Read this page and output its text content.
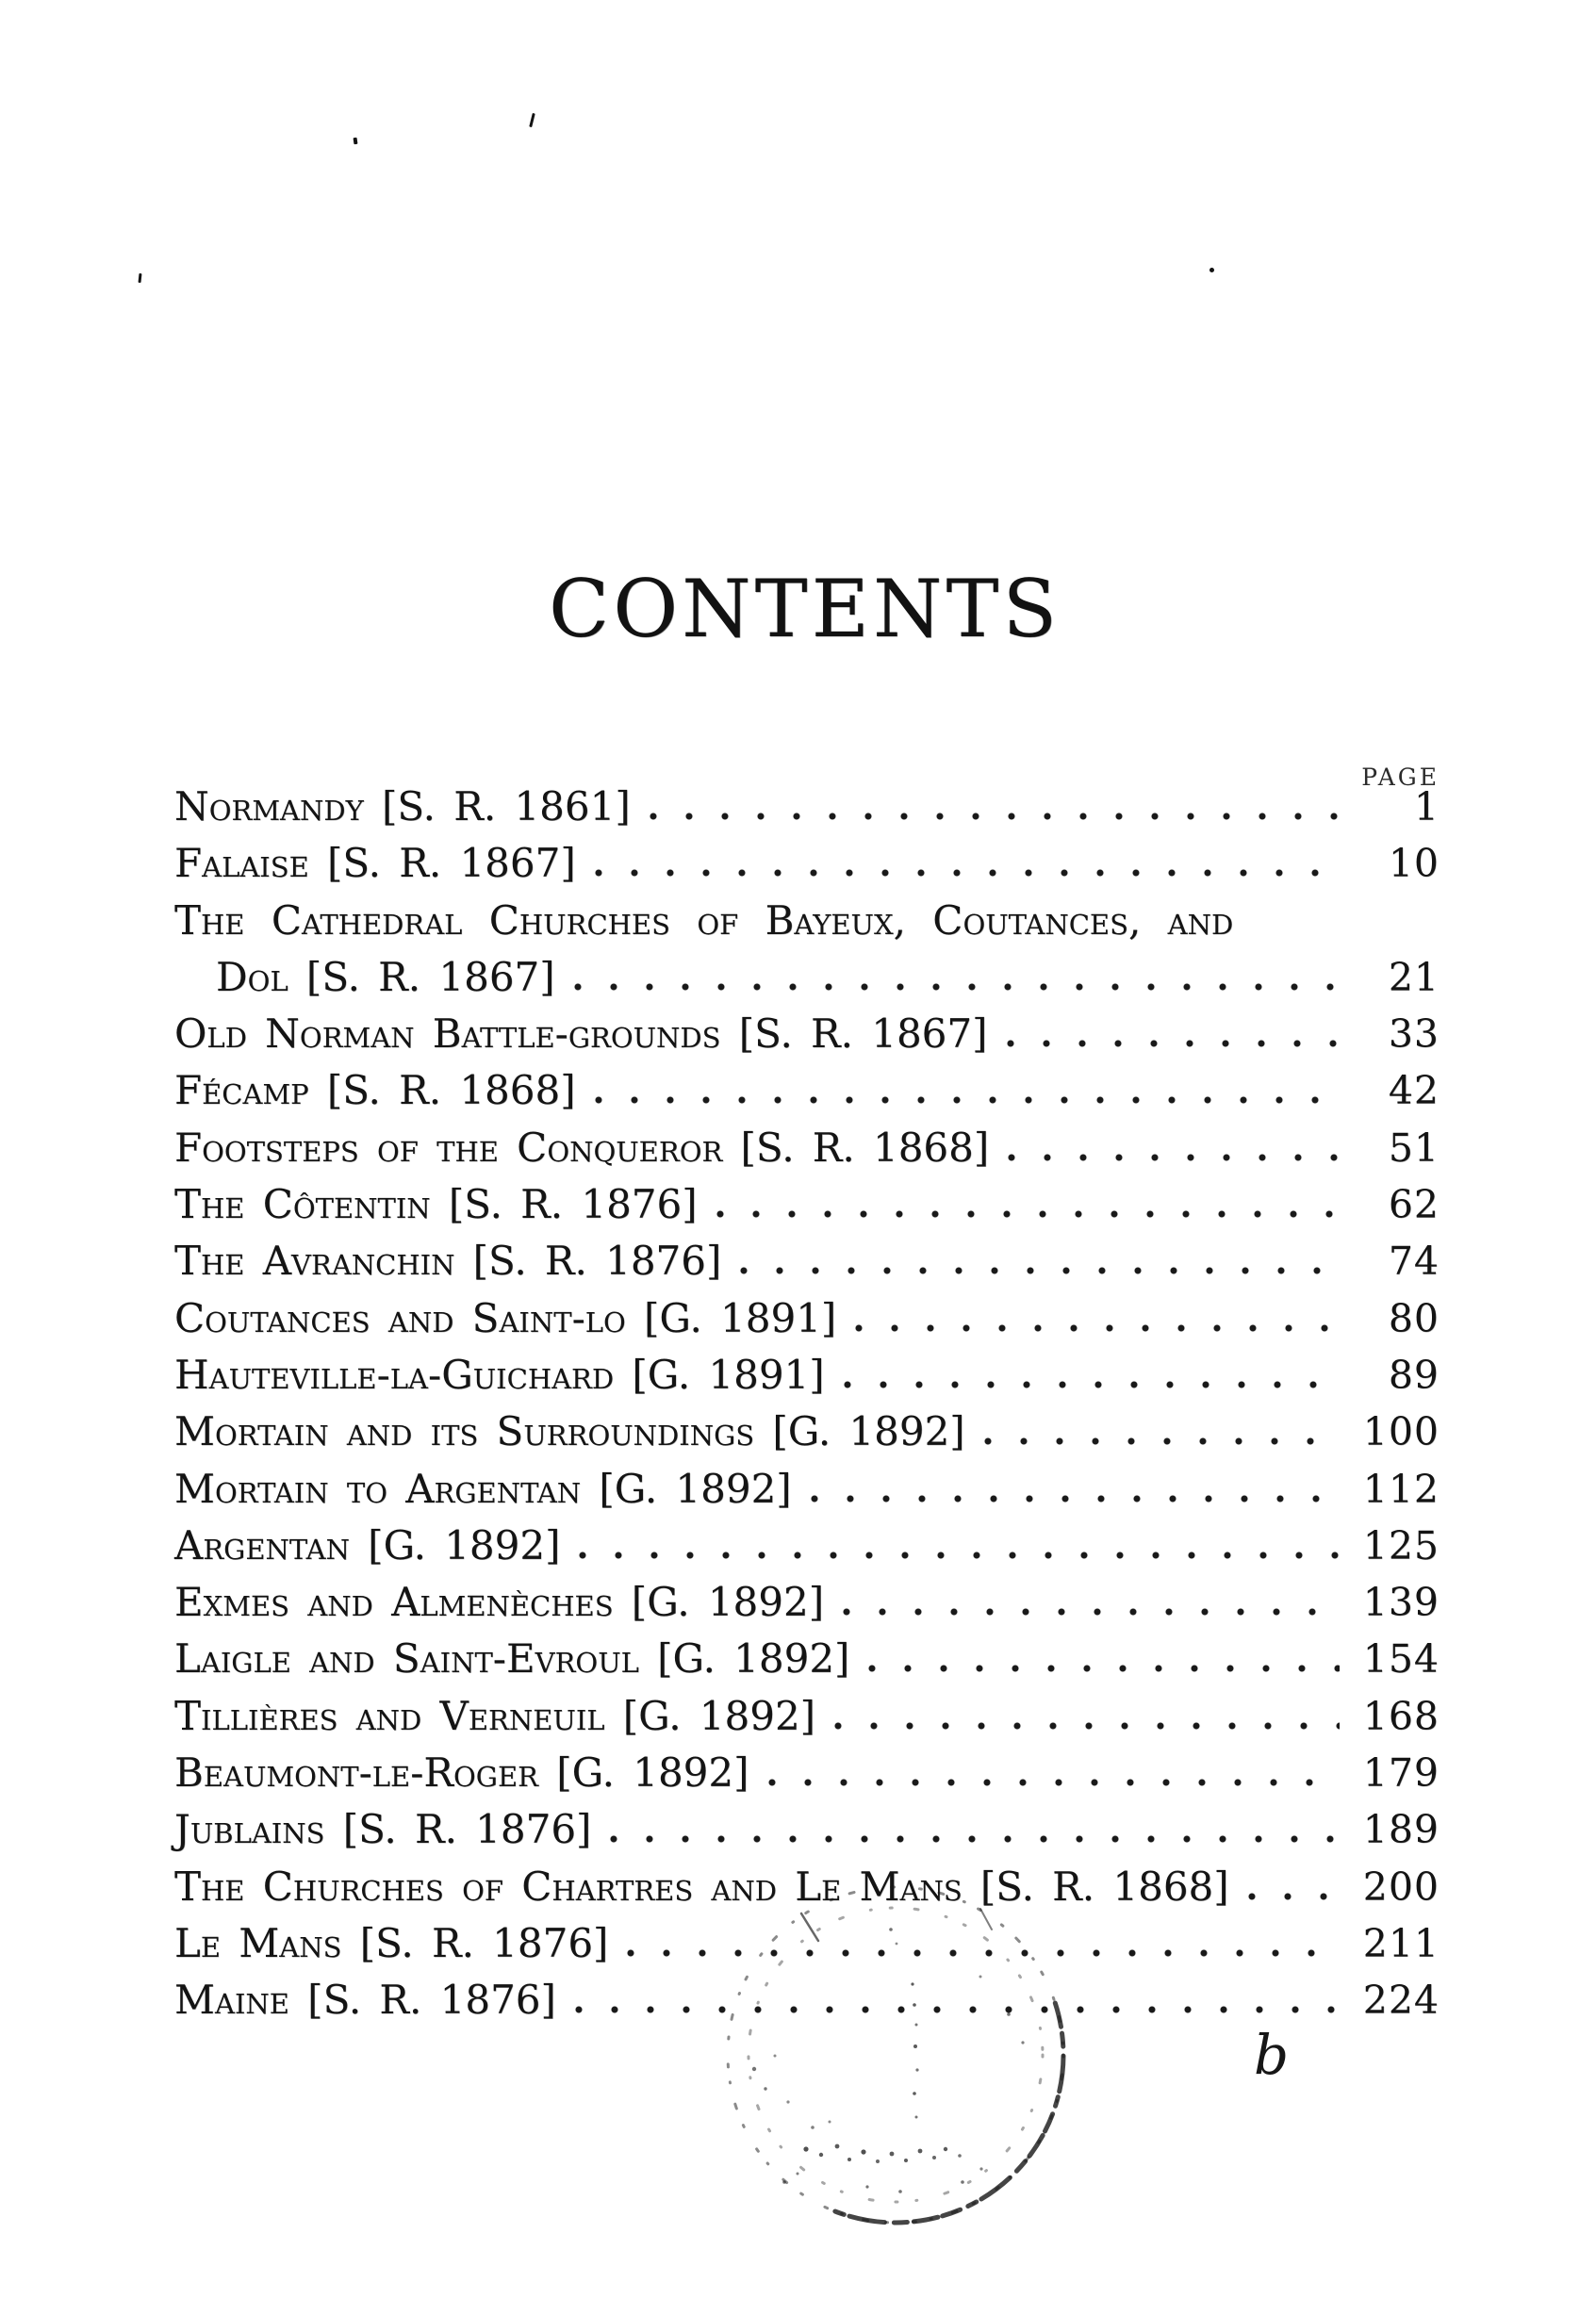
CONTENTS
PAGE
Normandy [S. R. 1861]	1
Falaise [S. R. 1867]	10
The Cathedral Churches of Bayeux, Coutances, and
Dol [S. R. 1867]	21
Old Norman Battle-grounds [S. R. 1867]	33
Fécamp [S. R. 1868]	42
Footsteps of the Conqueror [S. R. 1868]	51
The Côtentin [S. R. 1876]	62
The Avranchin [S. R. 1876]	74
Coutances and Saint-lo [G. 1891]	80
Hauteville-la-Guichard [G. 1891]	89
Mortain and its Surroundings [G. 1892]	100
Mortain to Argentan [G. 1892]	112
Argentan [G. 1892]	125
Exmes and Almenèches [G. 1892]	139
Laigle and Saint-Evroul [G. 1892]	154
Tillières and Verneuil [G. 1892]	168
Beaumont-le-Roger [G. 1892]	179
Jublains [S. R. 1876]	189
The Churches of Chartres and Le Mans [S. R. 1868]	200
Le Mans [S. R. 1876]	211
Maine [S. R. 1876]	224
b
